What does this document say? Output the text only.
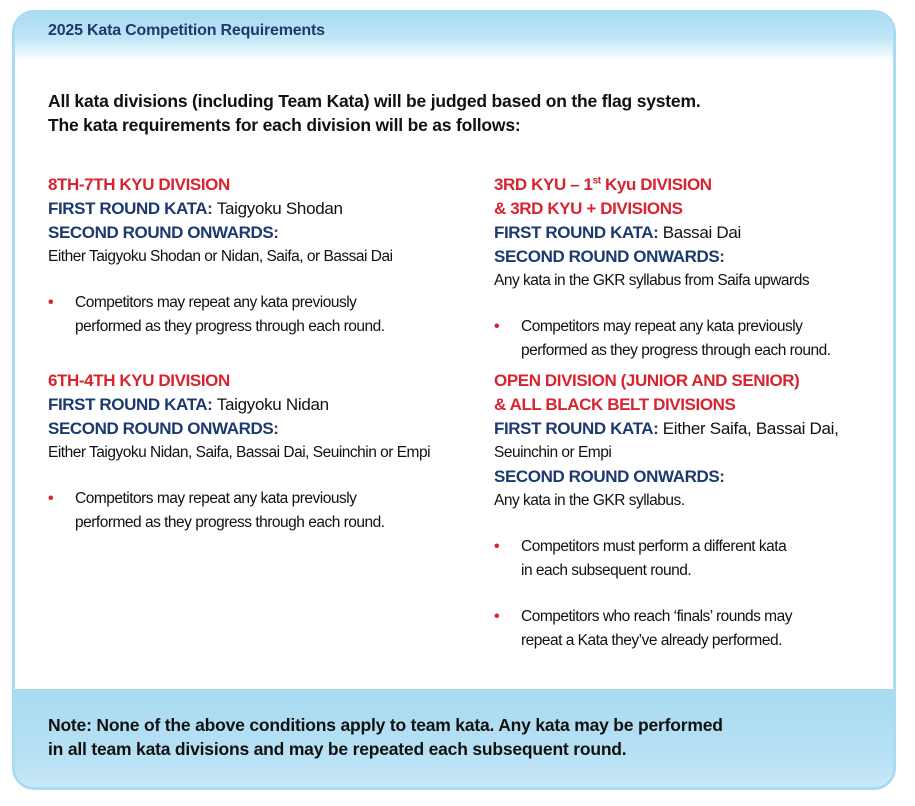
2025 Kata Competition Requirements
All kata divisions (including Team Kata) will be judged based on the flag system.
The kata requirements for each division will be as follows:
8TH-7TH KYU DIVISION
FIRST ROUND KATA: Taigyoku Shodan
SECOND ROUND ONWARDS:
Either Taigyoku Shodan or Nidan, Saifa, or Bassai Dai
• Competitors may repeat any kata previously
performed as they progress through each round.
6TH-4TH KYU DIVISION
FIRST ROUND KATA: Taigyoku Nidan
SECOND ROUND ONWARDS:
Either Taigyoku Nidan, Saifa, Bassai Dai, Seuinchin or Empi
• Competitors may repeat any kata previously
performed as they progress through each round.
3RD KYU – 1st Kyu DIVISION
& 3RD KYU + DIVISIONS
FIRST ROUND KATA: Bassai Dai
SECOND ROUND ONWARDS:
Any kata in the GKR syllabus from Saifa upwards
• Competitors may repeat any kata previously
performed as they progress through each round.
OPEN DIVISION (JUNIOR AND SENIOR)
& ALL BLACK BELT DIVISIONS
FIRST ROUND KATA: Either Saifa, Bassai Dai,
Seuinchin or Empi
SECOND ROUND ONWARDS:
Any kata in the GKR syllabus.
• Competitors must perform a different kata
in each subsequent round.
• Competitors who reach ‘finals’ rounds may
repeat a Kata they’ve already performed.
Note: None of the above conditions apply to team kata. Any kata may be performed
in all team kata divisions and may be repeated each subsequent round.
